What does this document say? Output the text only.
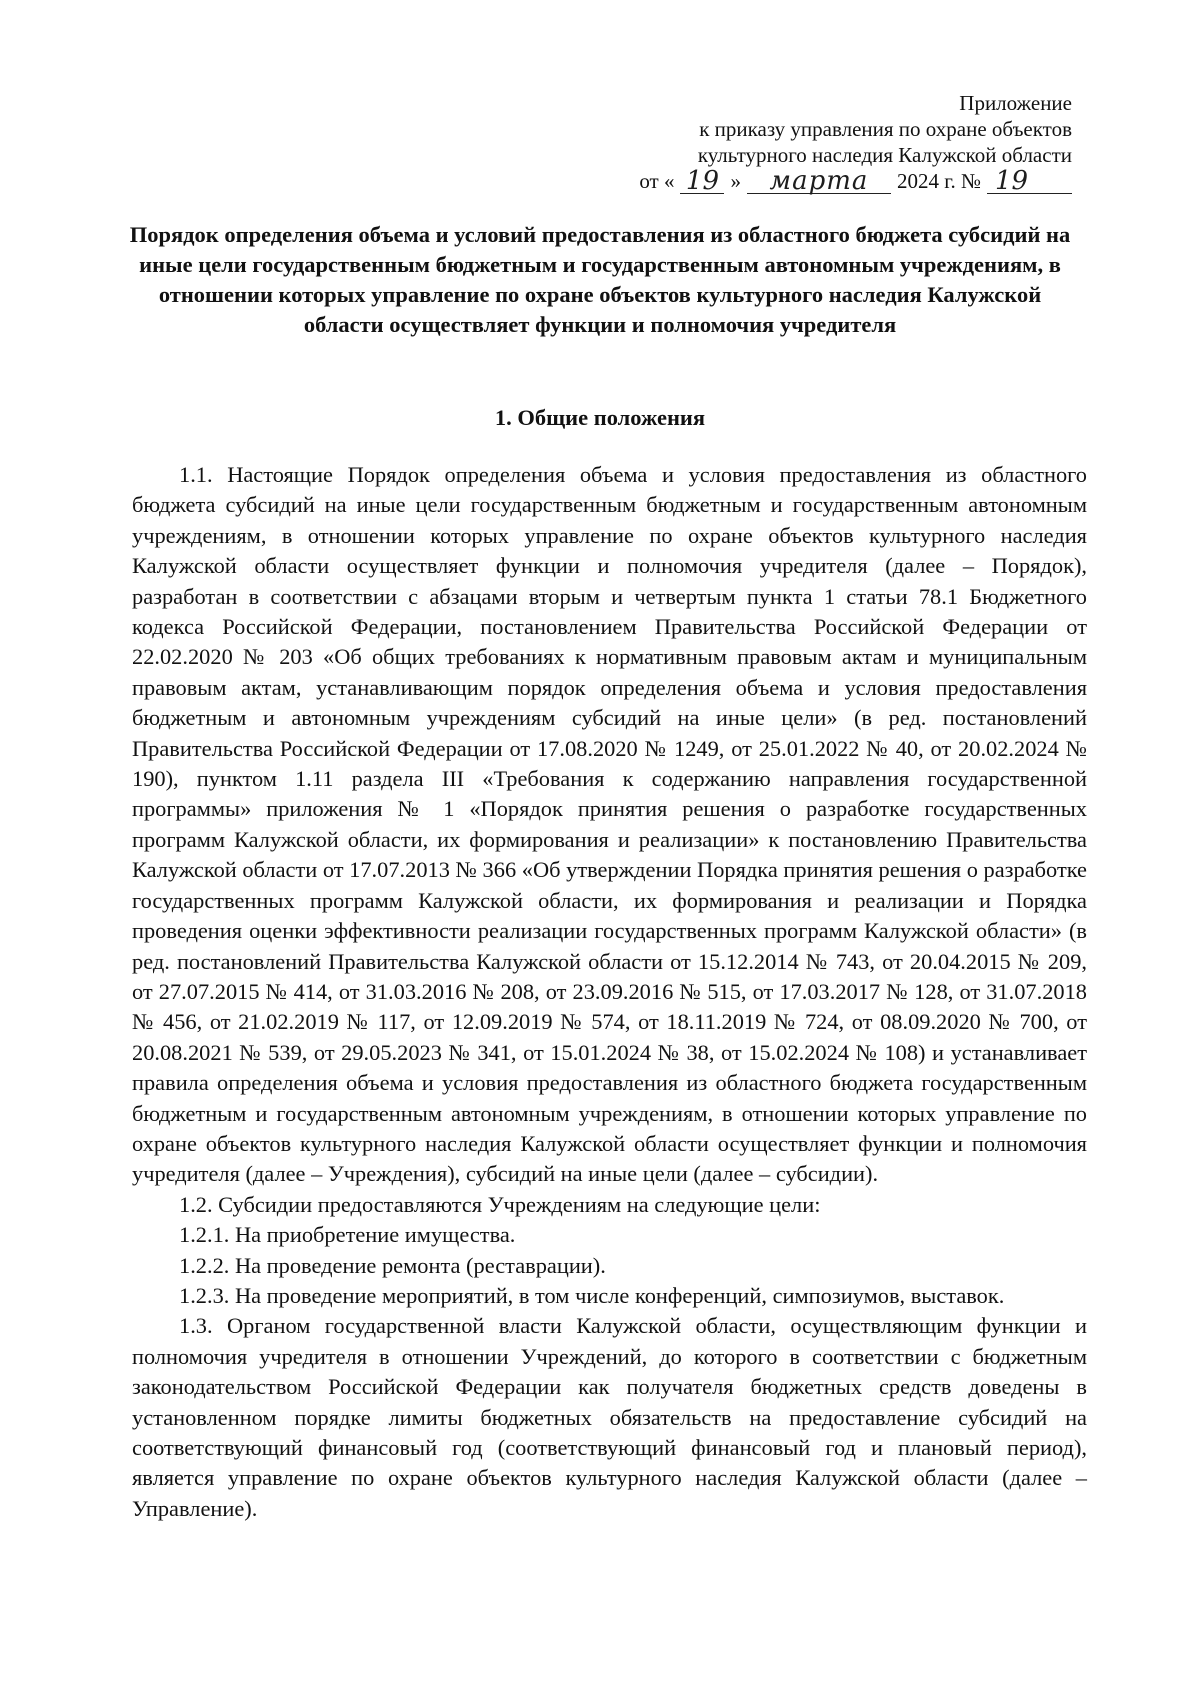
Приложение
к приказу управления по охране объектов
культурного наследия Калужской области
от « 19 »	марта	2024 г. № 19
Порядок определения объема и условий предоставления из областного бюджета субсидий на иные цели государственным бюджетным и государственным автономным учреждениям, в отношении которых управление по охране объектов культурного наследия Калужской области осуществляет функции и полномочия учредителя
1. Общие положения

1.1. Настоящие Порядок определения объема и условия предоставления из областного бюджета субсидий на иные цели государственным бюджетным и государственным автономным учреждениям, в отношении которых управление по охране объектов культурного наследия Калужской области осуществляет функции и полномочия учредителя (далее – Порядок), разработан в соответствии с абзацами вторым и четвертым пункта 1 статьи 78.1 Бюджетного кодекса Российской Федерации, постановлением Правительства Российской Федерации от 22.02.2020 № 203 «Об общих требованиях к нормативным правовым актам и муниципальным правовым актам, устанавливающим порядок определения объема и условия предоставления бюджетным и автономным учреждениям субсидий на иные цели» (в ред. постановлений Правительства Российской Федерации от 17.08.2020 № 1249, от 25.01.2022 № 40, от 20.02.2024 № 190), пунктом 1.11 раздела III «Требования к содержанию направления государственной программы» приложения № 1 «Порядок принятия решения о разработке государственных программ Калужской области, их формирования и реализации» к постановлению Правительства Калужской области от 17.07.2013 № 366 «Об утверждении Порядка принятия решения о разработке государственных программ Калужской области, их формирования и реализации и Порядка проведения оценки эффективности реализации государственных программ Калужской области» (в ред. постановлений Правительства Калужской области от 15.12.2014 № 743, от 20.04.2015 № 209, от 27.07.2015 № 414, от 31.03.2016 № 208, от 23.09.2016 № 515, от 17.03.2017 № 128, от 31.07.2018 № 456, от 21.02.2019 № 117, от 12.09.2019 № 574, от 18.11.2019 № 724, от 08.09.2020 № 700, от 20.08.2021 № 539, от 29.05.2023 № 341, от 15.01.2024 № 38, от 15.02.2024 № 108) и устанавливает правила определения объема и условия предоставления из областного бюджета государственным бюджетным и государственным автономным учреждениям, в отношении которых управление по охране объектов культурного наследия Калужской области осуществляет функции и полномочия учредителя (далее – Учреждения), субсидий на иные цели (далее – субсидии).

1.2. Субсидии предоставляются Учреждениям на следующие цели:

1.2.1. На приобретение имущества.

1.2.2. На проведение ремонта (реставрации).

1.2.3. На проведение мероприятий, в том числе конференций, симпозиумов, выставок.

1.3. Органом государственной власти Калужской области, осуществляющим функции и полномочия учредителя в отношении Учреждений, до которого в соответствии с бюджетным законодательством Российской Федерации как получателя бюджетных средств доведены в установленном порядке лимиты бюджетных обязательств на предоставление субсидий на соответствующий финансовый год (соответствующий финансовый год и плановый период), является управление по охране объектов культурного наследия Калужской области (далее – Управление).
